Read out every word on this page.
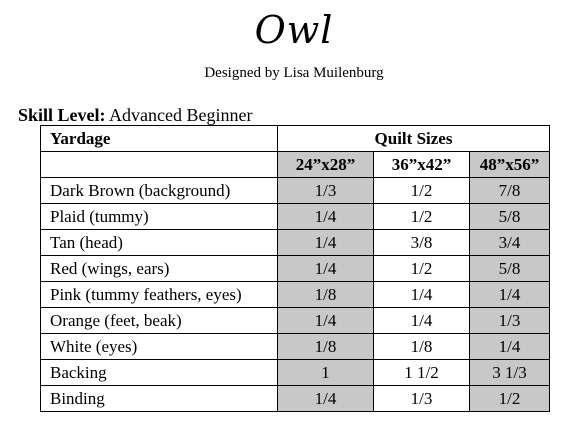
Owl
Designed by Lisa Muilenburg
Skill Level: Advanced Beginner
Yardage	Quilt Sizes		
	24”x28”	36”x42”	48”x56”
Dark Brown (background)	1/3	1/2	7/8
Plaid (tummy)	1/4	1/2	5/8
Tan (head)	1/4	3/8	3/4
Red (wings, ears)	1/4	1/2	5/8
Pink (tummy feathers, eyes)	1/8	1/4	1/4
Orange (feet, beak)	1/4	1/4	1/3
White (eyes)	1/8	1/8	1/4
Backing	1	1 1/2	3 1/3
Binding	1/4	1/3	1/2
